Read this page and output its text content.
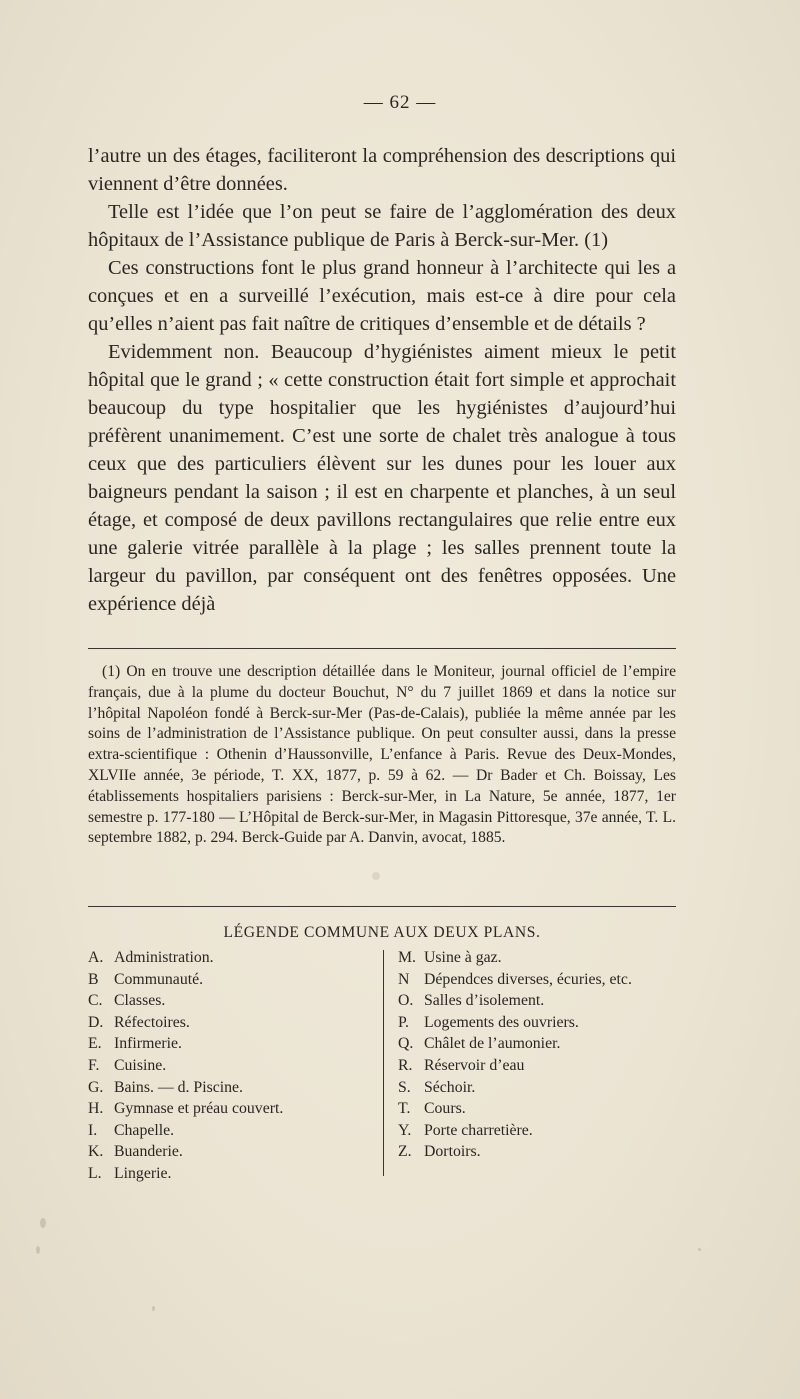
— 62 —

l’autre un des étages, faciliteront la compréhension des descriptions qui viennent d’être données.

Telle est l’idée que l’on peut se faire de l’agglomération des deux hôpitaux de l’Assistance publique de Paris à Berck-sur-Mer. (1)

Ces constructions font le plus grand honneur à l’architecte qui les a conçues et en a surveillé l’exécution, mais est-ce à dire pour cela qu’elles n’aient pas fait naître de critiques d’ensemble et de détails ?

Evidemment non. Beaucoup d’hygiénistes aiment mieux le petit hôpital que le grand ; « cette construction était fort simple et approchait beaucoup du type hospitalier que les hygiénistes d’aujourd’hui préfèrent unanimement. C’est une sorte de chalet très analogue à tous ceux que des particuliers élèvent sur les dunes pour les louer aux baigneurs pendant la saison ; il est en charpente et planches, à un seul étage, et composé de deux pavillons rectangulaires que relie entre eux une galerie vitrée parallèle à la plage ; les salles prennent toute la largeur du pavillon, par conséquent ont des fenêtres opposées. Une expérience déjà

(1) On en trouve une description détaillée dans le Moniteur, journal officiel de l’empire français, due à la plume du docteur Bouchut, N° du 7 juillet 1869 et dans la notice sur l’hôpital Napoléon fondé à Berck-sur-Mer (Pas-de-Calais), publiée la même année par les soins de l’administration de l’Assistance publique. On peut consulter aussi, dans la presse extra-scientifique : Othenin d’Haussonville, L’enfance à Paris. Revue des Deux-Mondes, XLVIIe année, 3e période, T. XX, 1877, p. 59 à 62. — Dr Bader et Ch. Boissay, Les établissements hospitaliers parisiens : Berck-sur-Mer, in La Nature, 5e année, 1877, 1er semestre p. 177-180 — L’Hôpital de Berck-sur-Mer, in Magasin Pittoresque, 37e année, T. L. septembre 1882, p. 294. Berck-Guide par A. Danvin, avocat, 1885.

LÉGENDE COMMUNE AUX DEUX PLANS.
A. Administration.
B Communauté.
C. Classes.
D. Réfectoires.
E. Infirmerie.
F. Cuisine.
G. Bains. — d. Piscine.
H. Gymnase et préau couvert.
I. Chapelle.
K. Buanderie.
L. Lingerie.
M. Usine à gaz.
N Dépendces diverses, écuries, etc.
O. Salles d’isolement.
P. Logements des ouvriers.
Q. Châlet de l’aumonier.
R. Réservoir d’eau
S. Séchoir.
T. Cours.
Y. Porte charretière.
Z. Dortoirs.
